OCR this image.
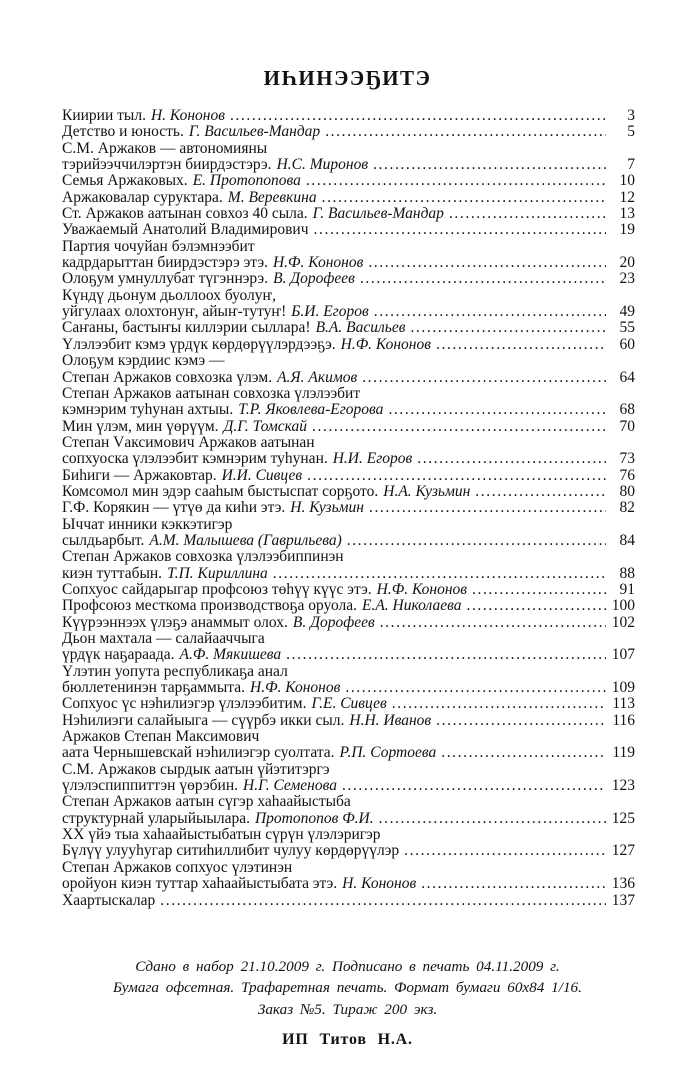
ИҺИНЭЭҔИТЭ
Киирии тыл. Н. Кононов .....	3
Детство и юность. Г. Васильев-Мандар .....	5
С.М. Аржаков — автономияны
тэрийээччилэртэн биирдэстэрэ. Н.С. Миронов .....	7
Семья Аржаковых. Е. Протопопова .....	10
Аржаковалар суруктара. М. Веревкина .....	12
Ст. Аржаков аатынан совхоз 40 сыла. Г. Васильев-Мандар .....	13
Уважаемый Анатолий Владимирович .....	19
Партия чочуйан бэлэмнээбит
кадрдарыттан биирдэстэрэ этэ. Н.Ф. Кононов .....	20
Олоҕум умнуллубат түгэннэрэ. В. Дорофеев .....	23
Күндү дьонум дьоллоох буолуҥ,
уйгулаах олохтонуҥ, айыҥ-тутуҥ! Б.И. Егоров .....	49
Саҥаны, бастыҥы киллэрии сыллара! В.А. Васильев .....	55
Үлэлээбит кэмэ үрдүк көрдөрүүлэрдээҕэ. Н.Ф. Кононов .....	60
Олоҕум кэрдиис кэмэ —
Степан Аржаков совхозка үлэм. А.Я. Акимов .....	64
Степан Аржаков аатынан совхозка үлэлээбит
кэмнэрим туһунан ахтыы. Т.Р. Яковлева-Егорова .....	68
Мин үлэм, мин үөрүүм. Д.Г. Томскай .....	70
Степан Vаксимович Аржаков аатынан
сопхуоска үлэлээбит кэмнэрим туһунан. Н.И. Егоров .....	73
Биһиги — Аржаковтар. И.И. Сивцев .....	76
Комсомол мин эдэр сааһым быстыспат сорҕото. Н.А. Кузьмин .....	80
Г.Ф. Корякин — үтүө да киһи этэ. Н. Кузьмин .....	82
Ыччат инники кэккэтигэр
сылдьарбыт. А.М. Малышева (Гаврильева) .....	84
Степан Аржаков совхозка үлэлээбиппинэн
киэн туттабын. Т.П. Кириллина .....	88
Сопхуос сайдарыгар профсоюз төһүү күүс этэ. Н.Ф. Кононов .....	91
Профсоюз месткома производствоҕа оруола. Е.А. Николаева .....	100
Күүрээннээх үлэҕэ анаммыт олох. В. Дорофеев .....	102
Дьон махтала — салайааччыга
үрдүк наҕараада. А.Ф. Мякишева .....	107
Үлэтин уопута республикаҕа анал
бюллетенинэн тарҕаммыта. Н.Ф. Кононов .....	109
Сопхуос үс нэһилиэгэр үлэлээбитим. Г.Е. Сивцев .....	113
Нэһилиэги салайыыга — сүүрбэ икки сыл. Н.Н. Иванов .....	116
Аржаков Степан Максимович
аата Чернышевскай нэһилиэгэр суолтата. Р.П. Сортоева .....	119
С.М. Аржаков сырдык аатын үйэтитэргэ
үлэлэспиппиттэн үөрэбин. Н.Г. Семенова .....	123
Степан Аржаков аатын сүгэр хаһаайыстыба
структурнай уларыйыылара. Протопопов Ф.И. .....	125
XX үйэ тыа хаһаайыстыбатын сүрүн үлэлэригэр
Бүлүү улууһугар ситиһиллибит чулуу көрдөрүүлэр .....	127
Степан Аржаков сопхуос үлэтинэн
оройуон киэн туттар хаһаайыстыбата этэ. Н. Кононов .....	136
Хаартыскалар .....	137
Сдано в набор 21.10.2009 г. Подписано в печать 04.11.2009 г.
Бумага офсетная. Трафаретная печать. Формат бумаги 60х84 1/16.
Заказ №5. Тираж 200 экз.
ИП Титов Н.А.
